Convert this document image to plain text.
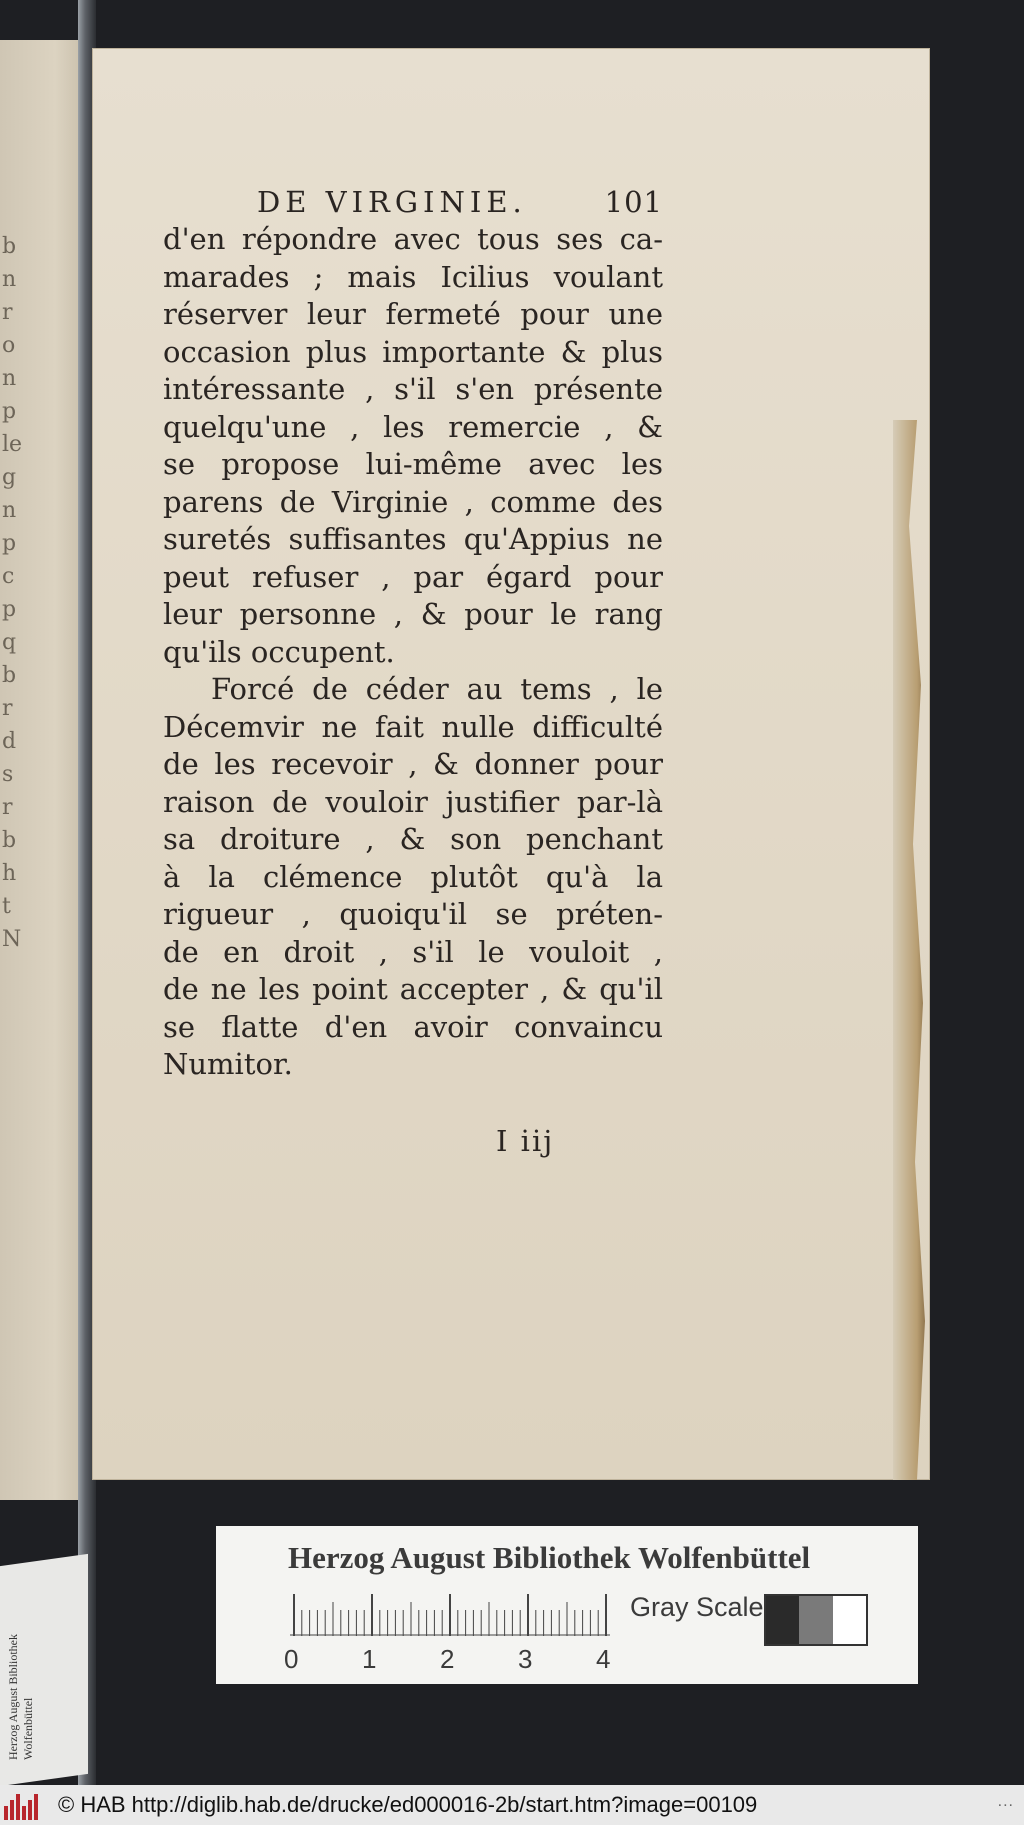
b
n
r
o
n
p
le
g
n
p
c
p
q
b
r
d
s
r
b
h
t
N
Herzog August Bibliothek Wolfenbüttel
DE VIRGINIE.	101
d'en répondre avec tous ses ca-
marades ; mais Icilius voulant
réserver leur fermeté pour une
occasion plus importante & plus
intéressante , s'il s'en présente
quelqu'une , les remercie , &
se propose lui-même avec les
parens de Virginie , comme des
suretés suffisantes qu'Appius ne
peut refuser , par égard pour
leur personne , & pour le rang
qu'ils occupent.
Forcé de céder au tems , le
Décemvir ne fait nulle difficulté
de les recevoir , & donner pour
raison de vouloir justifier par-là
sa droiture , & son penchant
à la clémence plutôt qu'à la
rigueur , quoiqu'il se préten-
de en droit , s'il le vouloit ,
de ne les point accepter , & qu'il
se flatte d'en avoir convaincu
Numitor.
I iij
Herzog August Bibliothek Wolfenbüttel
0 1 2 3 4
Gray Scale
© HAB http://diglib.hab.de/drucke/ed000016-2b/start.htm?image=00109	...
